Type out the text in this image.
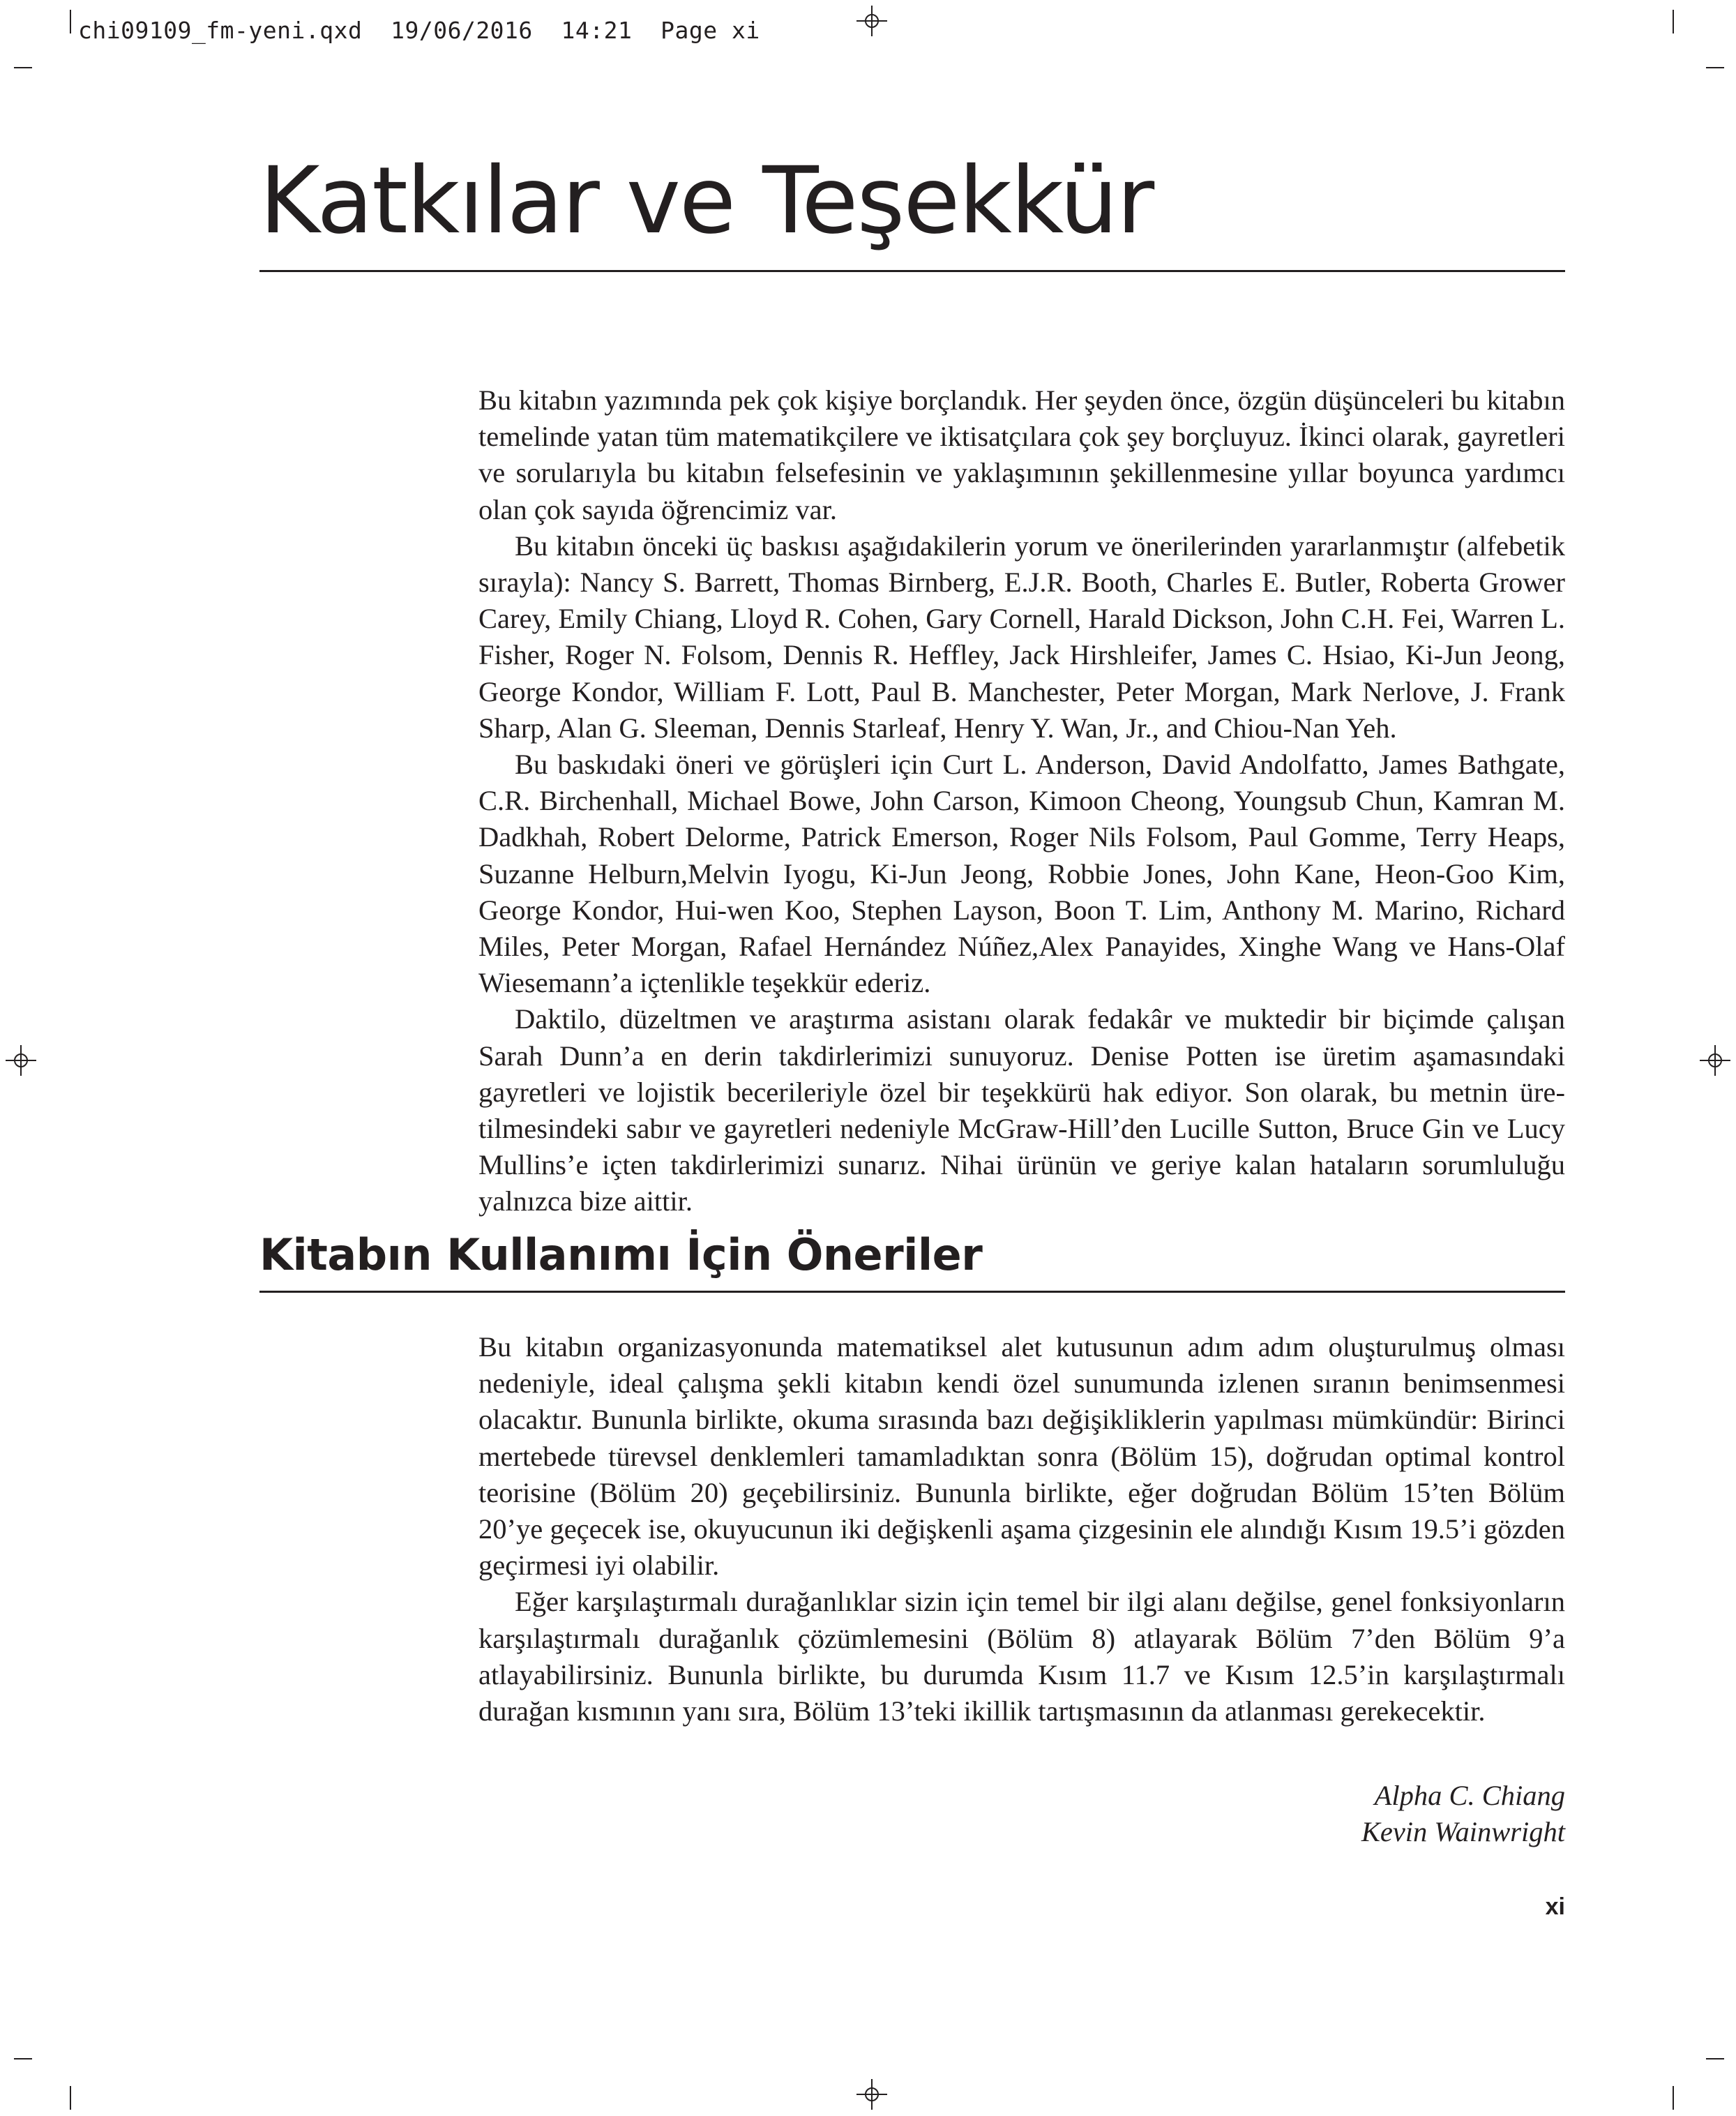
chi09109_fm-yeni.qxd 19/06/2016 14:21 Page xi
Katkılar ve Teşekkür

Bu kitabın yazımında pek çok kişiye borçlandık. Her şeyden önce, özgün düşünceleri bu kitabın temelinde yatan tüm matematikçilere ve iktisatçılara çok şey borçluyuz. İkinci olarak, gayretleri ve sorularıyla bu kitabın felsefesinin ve yaklaşımının şekillenmesine yıllar boyunca yardımcı olan çok sayıda öğrencimiz var.

Bu kitabın önceki üç baskısı aşağıdakilerin yorum ve önerilerinden yararlanmıştır (alfebetik sırayla): Nancy S. Barrett, Thomas Birnberg, E.J.R. Booth, Charles E. Butler, Roberta Grower Carey, Emily Chiang, Lloyd R. Cohen, Gary Cornell, Harald Dickson, John C.H. Fei, Warren L. Fisher, Roger N. Folsom, Dennis R. Heffley, Jack Hirshleifer, James C. Hsiao, Ki-Jun Jeong, George Kondor, William F. Lott, Paul B. Manchester, Peter Morgan, Mark Nerlove, J. Frank Sharp, Alan G. Sleeman, Dennis Starleaf, Henry Y. Wan, Jr., and Chiou-Nan Yeh.

Bu baskıdaki öneri ve görüşleri için Curt L. Anderson, David Andolfatto, James Bathgate, C.R. Birchenhall, Michael Bowe, John Carson, Kimoon Cheong, Youngsub Chun, Kamran M. Dadkhah, Robert Delorme, Patrick Emerson, Roger Nils Folsom, Paul Gomme, Terry Heaps, Suzanne Helburn,Melvin Iyogu, Ki-Jun Jeong, Robbie Jones, John Kane, Heon-Goo Kim, George Kondor, Hui-wen Koo, Stephen Layson, Boon T. Lim, Anthony M. Marino, Richard Miles, Peter Morgan, Rafael Hernández Núñez,Alex Panayides, Xinghe Wang ve Hans-Olaf Wiesemann’a içtenlikle teşekkür ederiz.

Daktilo, düzeltmen ve araştırma asistanı olarak fedakâr ve muktedir bir biçimde çalışan Sarah Dunn’a en derin takdirlerimizi sunuyoruz. Denise Potten ise üretim aşamasındaki gayretleri ve lojistik becerileriyle özel bir teşekkürü hak ediyor. Son olarak, bu metnin üretilmesindeki sabır ve gayretleri nedeniyle McGraw-Hill’den Lucille Sutton, Bruce Gin ve Lucy Mullins’e içten takdirlerimizi sunarız. Nihai ürünün ve geriye kalan hataların sorumluluğu yalnızca bize aittir.

Kitabın Kullanımı İçin Öneriler

Bu kitabın organizasyonunda matematiksel alet kutusunun adım adım oluşturulmuş olması nedeniyle, ideal çalışma şekli kitabın kendi özel sunumunda izlenen sıranın benimsenmesi olacaktır. Bununla birlikte, okuma sırasında bazı değişikliklerin yapılması mümkündür: Birinci mertebede türevsel denklemleri tamamladıktan sonra (Bölüm 15), doğrudan optimal kontrol teorisine (Bölüm 20) geçebilirsiniz. Bununla birlikte, eğer doğrudan Bölüm 15’ten Bölüm 20’ye geçecek ise, okuyucunun iki değişkenli aşama çizgesinin ele alındığı Kısım 19.5’i gözden geçirmesi iyi olabilir.

Eğer karşılaştırmalı durağanlıklar sizin için temel bir ilgi alanı değilse, genel fonksiyonların karşılaştırmalı durağanlık çözümlemesini (Bölüm 8) atlayarak Bölüm 7’den Bölüm 9’a atlayabilirsiniz. Bununla birlikte, bu durumda Kısım 11.7 ve Kısım 12.5’in karşılaştırmalı durağan kısmının yanı sıra, Bölüm 13’teki ikillik tartışmasının da atlanması gerekecektir.

Alpha C. Chiang
Kevin Wainwright
xi
